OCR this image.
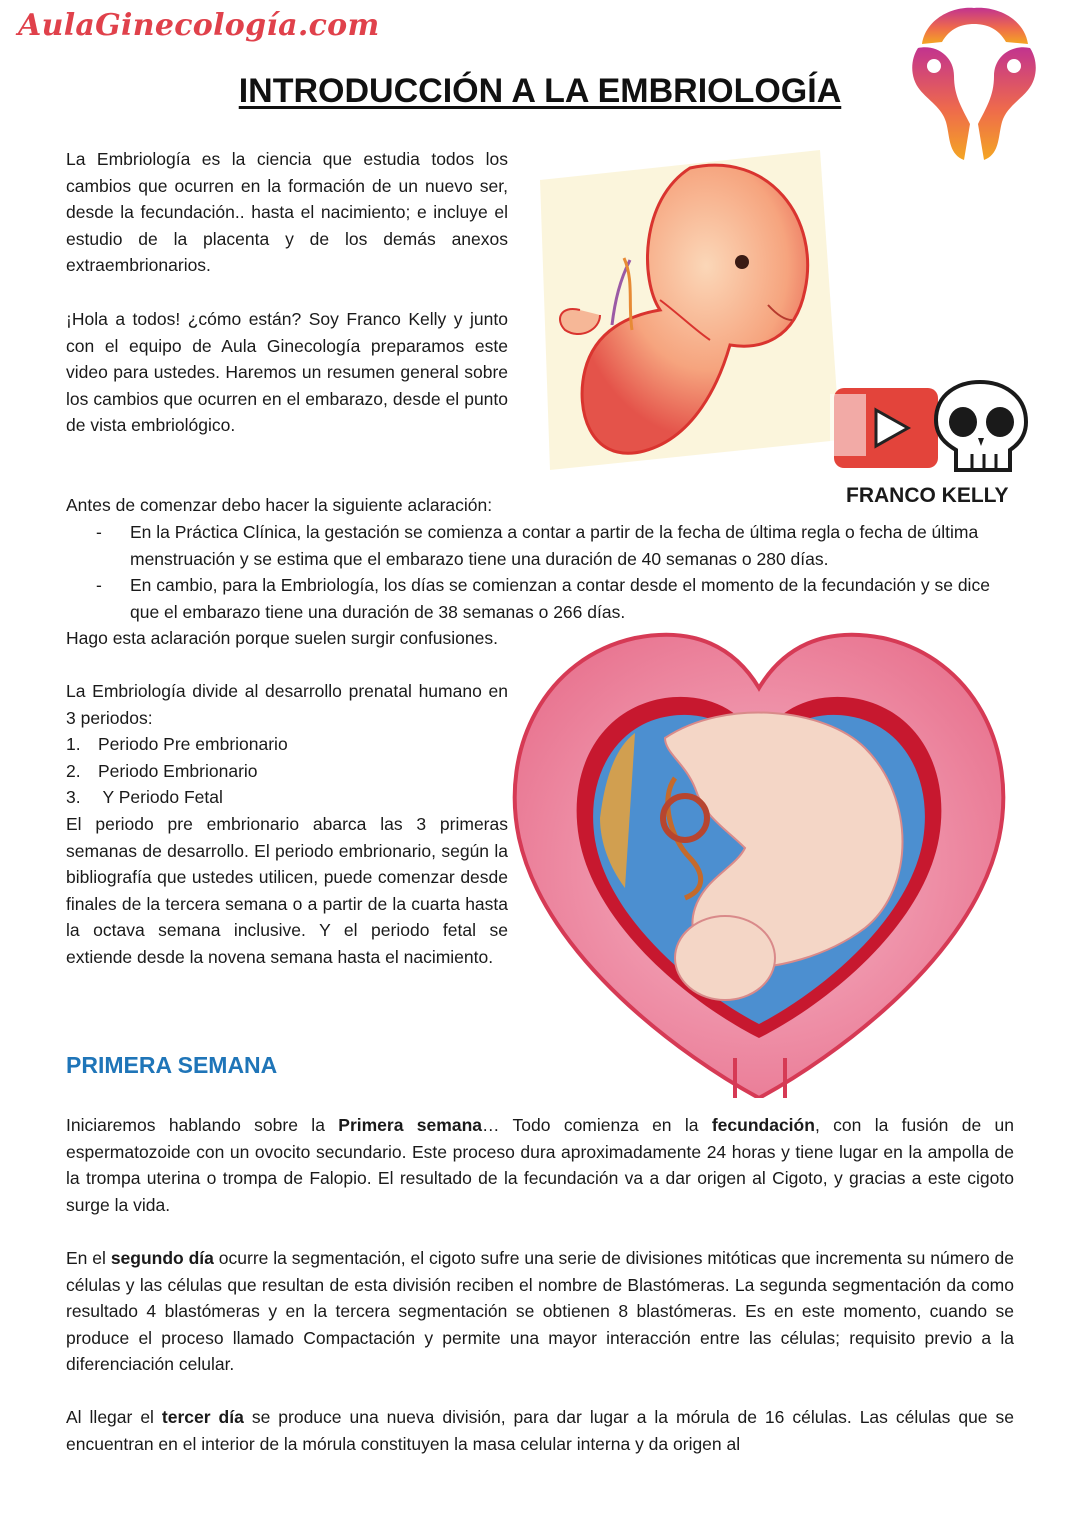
AulaGinecología.com
INTRODUCCIÓN A LA EMBRIOLOGÍA

La Embriología es la ciencia que estudia todos los cambios que ocurren en la formación de un nuevo ser, desde la fecundación.. hasta el nacimiento; e incluye el estudio de la placenta y de los demás anexos extraembrionarios.

¡Hola a todos! ¿cómo están? Soy Franco Kelly y junto con el equipo de Aula Ginecología preparamos este video para ustedes. Haremos un resumen general sobre los cambios que ocurren en el embarazo, desde el punto de vista embriológico.

Antes de comenzar debo hacer la siguiente aclaración:

- En la Práctica Clínica, la gestación se comienza a contar a partir de la fecha de última regla o fecha de última menstruación y se estima que el embarazo tiene una duración de 40 semanas o 280 días.
- En cambio, para la Embriología, los días se comienzan a contar desde el momento de la fecundación y se dice que el embarazo tiene una duración de 38 semanas o 266 días.

Hago esta aclaración porque suelen surgir confusiones.

La Embriología divide al desarrollo prenatal humano en 3 periodos:

1. Periodo Pre embrionario
2. Periodo Embrionario
3. Y Periodo Fetal

El periodo pre embrionario abarca las 3 primeras semanas de desarrollo. El periodo embrionario, según la bibliografía que ustedes utilicen, puede comenzar desde finales de la tercera semana o a partir de la cuarta hasta la octava semana inclusive. Y el periodo fetal se extiende desde la novena semana hasta el nacimiento.

FRANCO KELLY
PRIMERA SEMANA

Iniciaremos hablando sobre la Primera semana… Todo comienza en la fecundación, con la fusión de un espermatozoide con un ovocito secundario. Este proceso dura aproximadamente 24 horas y tiene lugar en la ampolla de la trompa uterina o trompa de Falopio. El resultado de la fecundación va a dar origen al Cigoto, y gracias a este cigoto surge la vida.

En el segundo día ocurre la segmentación, el cigoto sufre una serie de divisiones mitóticas que incrementa su número de células y las células que resultan de esta división reciben el nombre de Blastómeras. La segunda segmentación da como resultado 4 blastómeras y en la tercera segmentación se obtienen 8 blastómeras. Es en este momento, cuando se produce el proceso llamado Compactación y permite una mayor interacción entre las células; requisito previo a la diferenciación celular.

Al llegar el tercer día se produce una nueva división, para dar lugar a la mórula de 16 células. Las células que se encuentran en el interior de la mórula constituyen la masa celular interna y da origen al
